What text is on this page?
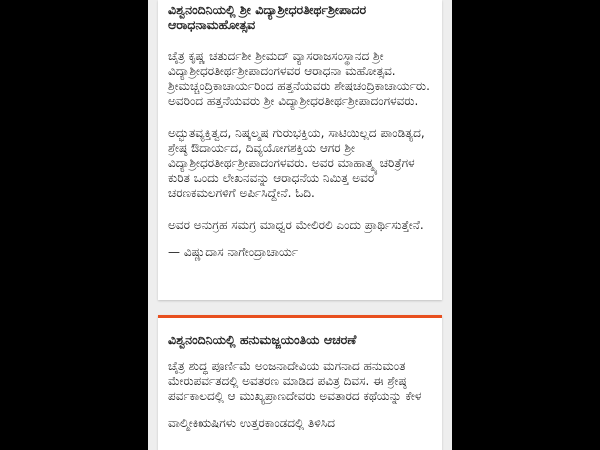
ವಿಶ್ವನಂದಿನಿಯಲ್ಲಿ ಶ್ರೀ ವಿದ್ಯಾಶ್ರೀಧರತೀರ್ಥಶ್ರೀಪಾದರ ಆರಾಧನಾಮಹೋತ್ಸವ

ಚೈತ್ರ ಕೃಷ್ಣ ಚತುರ್ದಶೀ ಶ್ರೀಮದ್ ವ್ಯಾಸರಾಜಸಂಸ್ಥಾನದ ಶ್ರೀ ವಿದ್ಯಾಶ್ರೀಧರತೀರ್ಥಶ್ರೀಪಾದಂಗಳವರ ಆರಾಧನಾ ಮಹೋತ್ಸವ. ಶ್ರೀಮಚ್ಚಂದ್ರಿಕಾಚಾರ್ಯರಿಂದ ಹತ್ತನೆಯವರು ಶೇಷಚಂದ್ರಿಕಾಚಾರ್ಯರು. ಅವರಿಂದ ಹತ್ತನೆಯವರು ಶ್ರೀ ವಿದ್ಯಾಶ್ರೀಧರತೀರ್ಥಶ್ರೀಪಾದಂಗಳವರು.

ಅದ್ಭುತವ್ಯಕ್ತಿತ್ವದ, ನಿಷ್ಕಲ್ಮಷ ಗುರುಭಕ್ತಿಯ, ಸಾಟಿಯಿಲ್ಲದ ಪಾಂಡಿತ್ಯದ, ಶ್ರೇಷ್ಠ ಔದಾರ್ಯದ, ದಿವ್ಯಯೋಗಶಕ್ತಿಯ ಆಗರ ಶ್ರೀ ವಿದ್ಯಾಶ್ರೀಧರತೀರ್ಥಶ್ರೀಪಾದಂಗಳವರು. ಅವರ ಮಾಹಾತ್ಮ್ಯ ಚರಿತ್ರೆಗಳ ಕುರಿತ ಒಂದು ಲೇಖನವನ್ನು ಆರಾಧನೆಯ ನಿಮಿತ್ತ ಅವರ ಚರಣಕಮಲಗಳಿಗೆ ಅರ್ಪಿಸಿದ್ದೇನೆ. ಓದಿ.

ಅವರ ಅನುಗ್ರಹ ಸಮಗ್ರ ಮಾಧ್ವರ ಮೇಲಿರಲಿ ಎಂದು ಪ್ರಾರ್ಥಿಸುತ್ತೇನೆ.

— ವಿಷ್ಣುದಾಸ ನಾಗೇಂದ್ರಾಚಾರ್ಯ

ವಿಶ್ವನಂದಿನಿಯಲ್ಲಿ ಹನುಮಜ್ಜಯಂತಿಯ ಆಚರಣೆ

ಚೈತ್ರ ಶುದ್ಧ ಪೂರ್ಣಿಮೆ ಅಂಜನಾದೇವಿಯ ಮಗನಾದ ಹನುಮಂತ ಮೇರುಪರ್ವತದಲ್ಲಿ ಅವತರಣ ಮಾಡಿದ ಪವಿತ್ರ ದಿವಸ. ಈ ಶ್ರೇಷ್ಠ ಪರ್ವಕಾಲದಲ್ಲಿ ಆ ಮುಖ್ಯಪ್ರಾಣದೇವರು ಅವತಾರದ ಕಥೆಯನ್ನು ಕೇಳ

ವಾಲ್ಮೀಕಿಋಷಿಗಳು ಉತ್ತರಕಾಂಡದಲ್ಲಿ ತಿಳಿಸಿದ
